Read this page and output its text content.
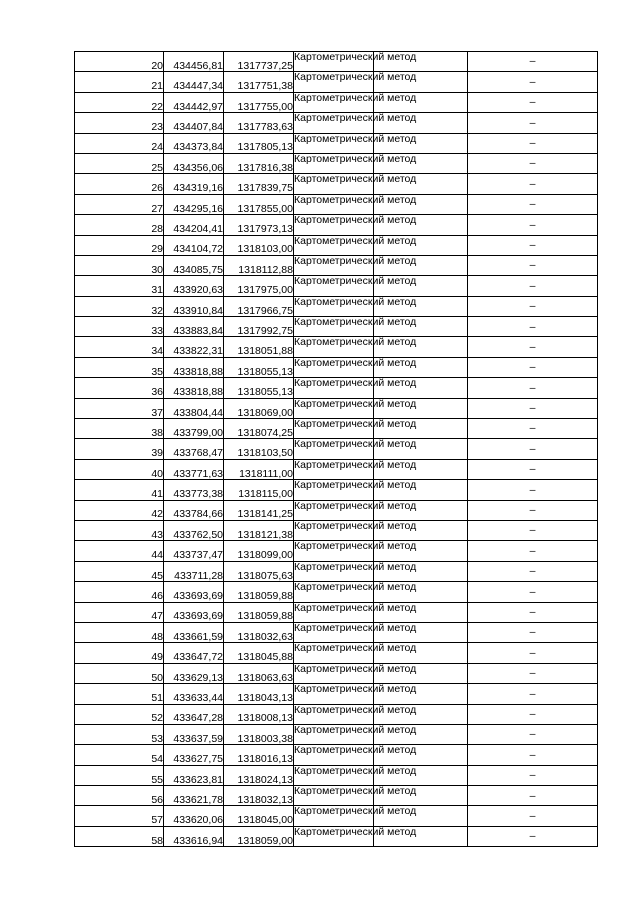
20	434456,81	1317737,25	Картометрический метод		–
21	434447,34	1317751,38	Картометрический метод		–
22	434442,97	1317755,00	Картометрический метод		–
23	434407,84	1317783,63	Картометрический метод		–
24	434373,84	1317805,13	Картометрический метод		–
25	434356,06	1317816,38	Картометрический метод		–
26	434319,16	1317839,75	Картометрический метод		–
27	434295,16	1317855,00	Картометрический метод		–
28	434204,41	1317973,13	Картометрический метод		–
29	434104,72	1318103,00	Картометрический метод		–
30	434085,75	1318112,88	Картометрический метод		–
31	433920,63	1317975,00	Картометрический метод		–
32	433910,84	1317966,75	Картометрический метод		–
33	433883,84	1317992,75	Картометрический метод		–
34	433822,31	1318051,88	Картометрический метод		–
35	433818,88	1318055,13	Картометрический метод		–
36	433818,88	1318055,13	Картометрический метод		–
37	433804,44	1318069,00	Картометрический метод		–
38	433799,00	1318074,25	Картометрический метод		–
39	433768,47	1318103,50	Картометрический метод		–
40	433771,63	1318111,00	Картометрический метод		–
41	433773,38	1318115,00	Картометрический метод		–
42	433784,66	1318141,25	Картометрический метод		–
43	433762,50	1318121,38	Картометрический метод		–
44	433737,47	1318099,00	Картометрический метод		–
45	433711,28	1318075,63	Картометрический метод		–
46	433693,69	1318059,88	Картометрический метод		–
47	433693,69	1318059,88	Картометрический метод		–
48	433661,59	1318032,63	Картометрический метод		–
49	433647,72	1318045,88	Картометрический метод		–
50	433629,13	1318063,63	Картометрический метод		–
51	433633,44	1318043,13	Картометрический метод		–
52	433647,28	1318008,13	Картометрический метод		–
53	433637,59	1318003,38	Картометрический метод		–
54	433627,75	1318016,13	Картометрический метод		–
55	433623,81	1318024,13	Картометрический метод		–
56	433621,78	1318032,13	Картометрический метод		–
57	433620,06	1318045,00	Картометрический метод		–
58	433616,94	1318059,00	Картометрический метод		–
